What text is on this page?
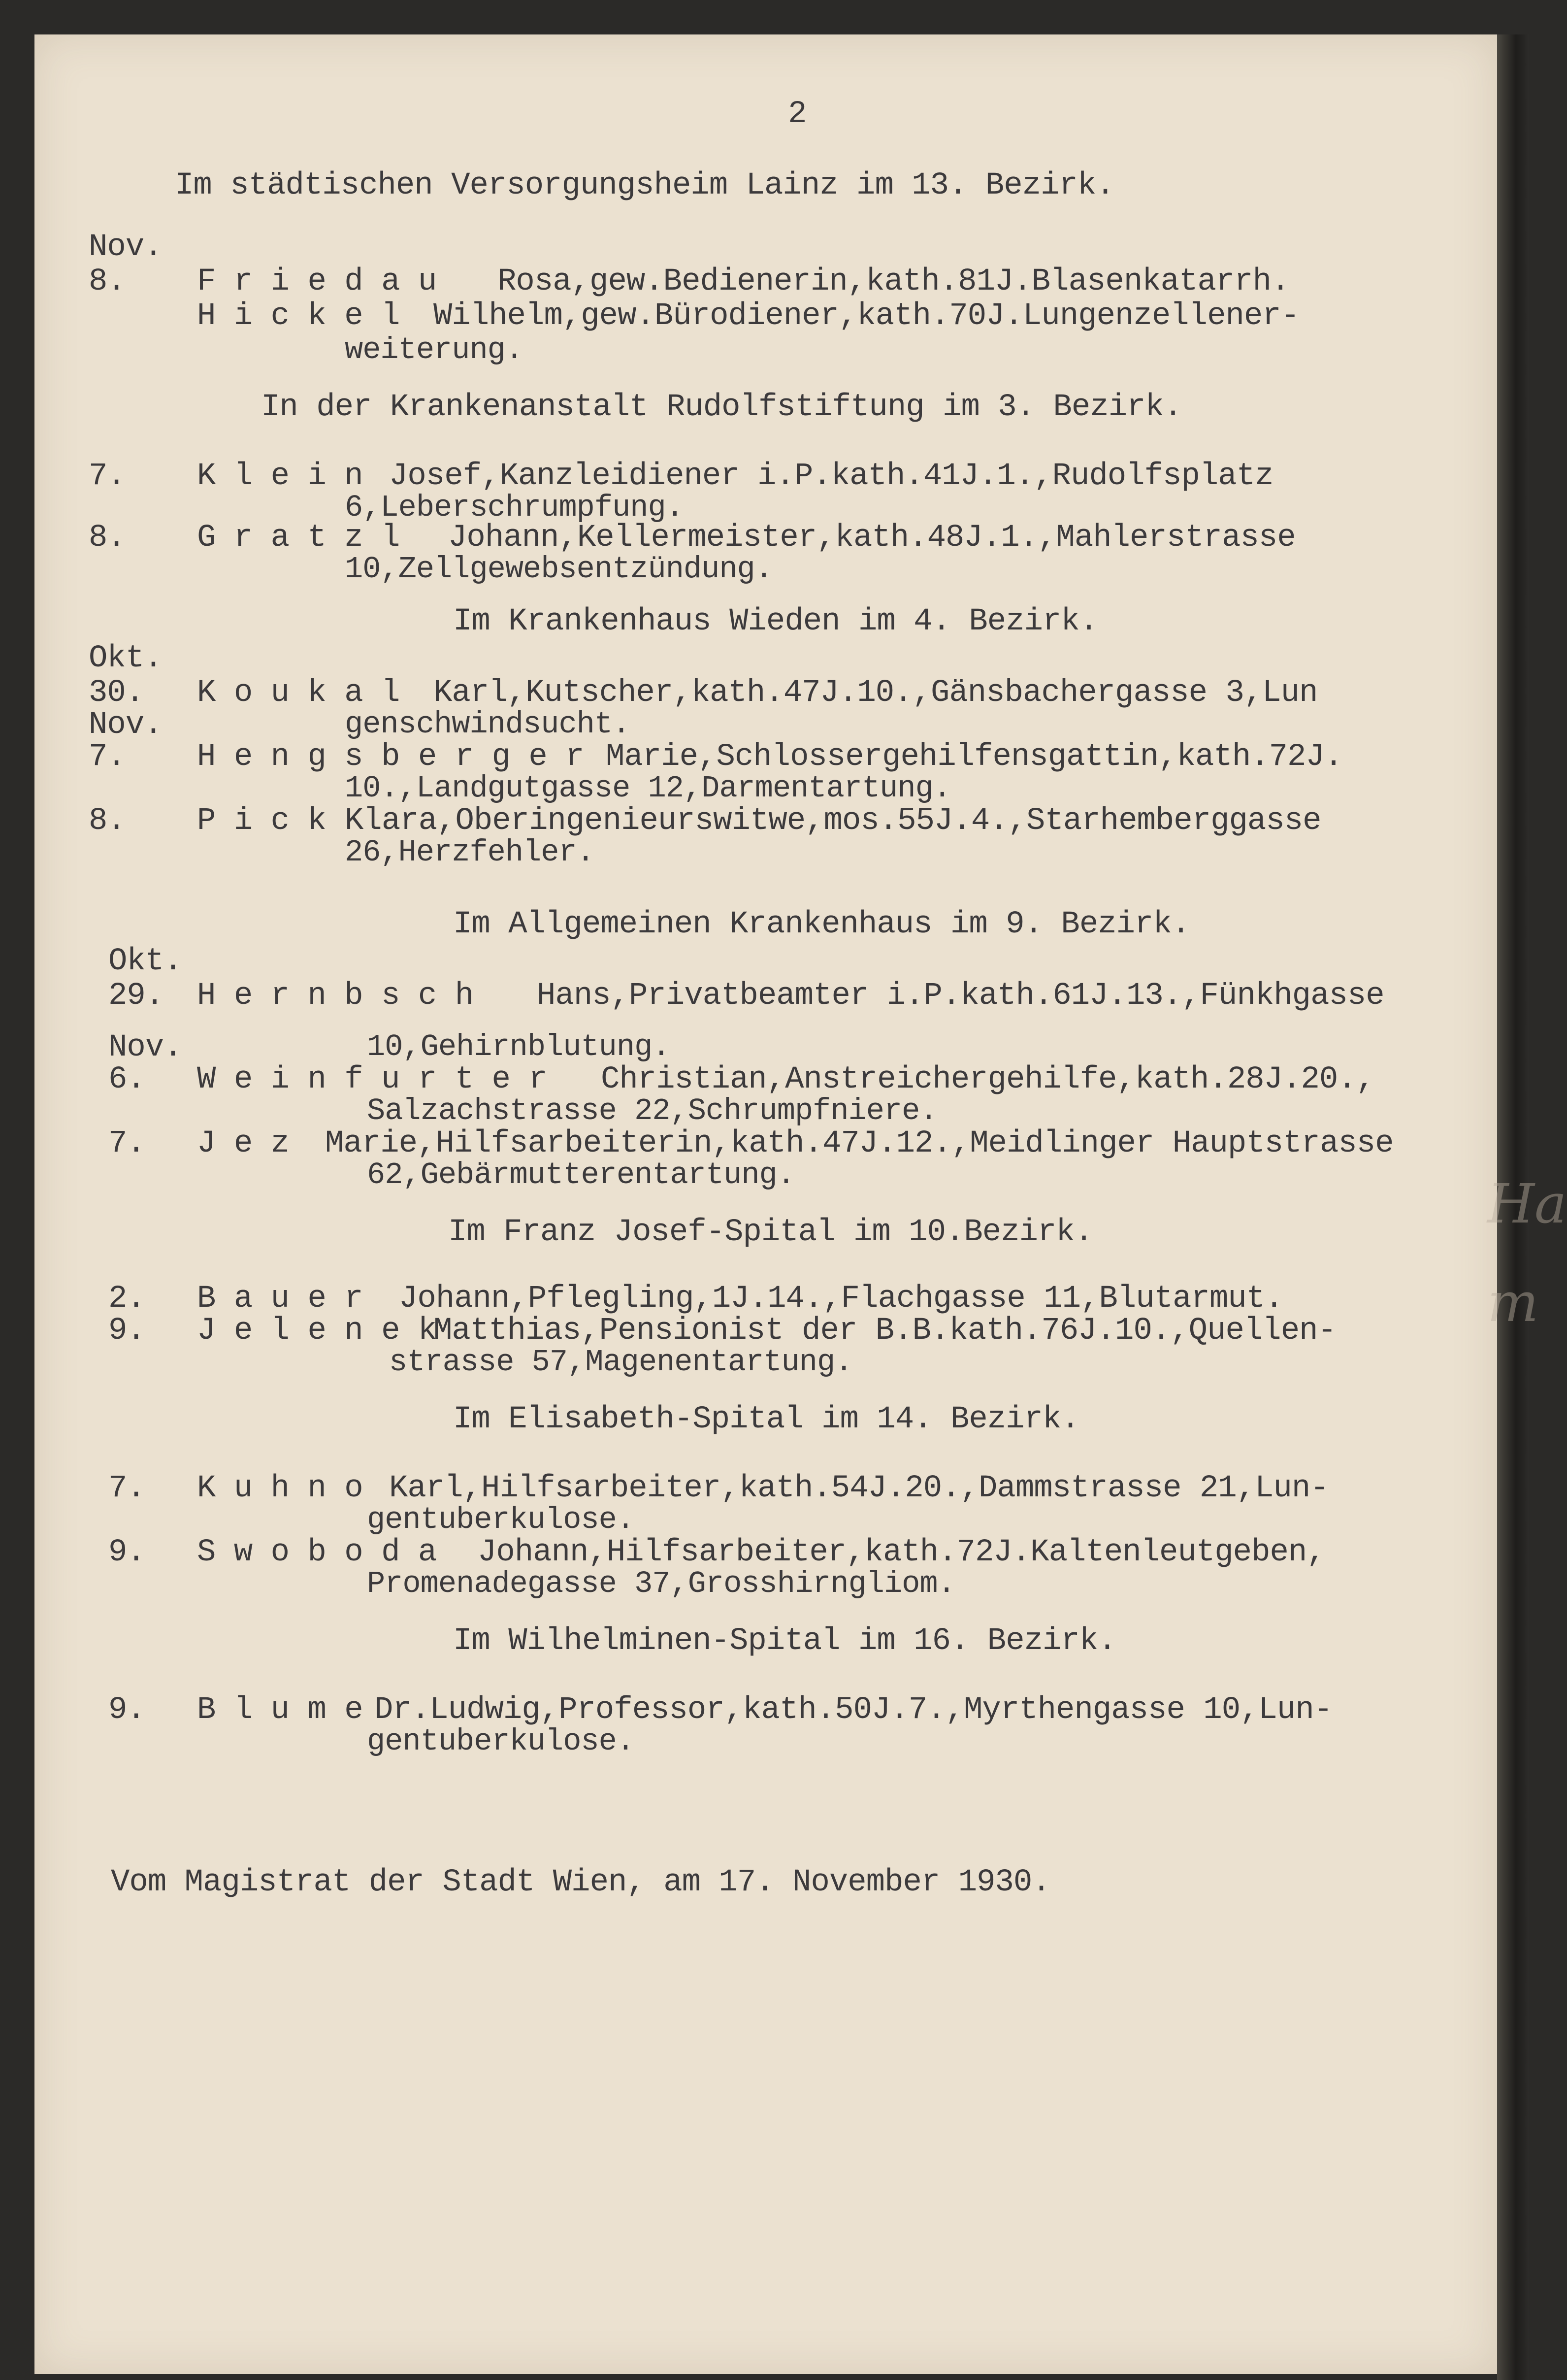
Ha
m
2
Im städtischen Versorgungsheim Lainz im 13. Bezirk.
Nov.
8. F r i e d a u Rosa,gew.Bedienerin,kath.81J.Blasenkatarrh.
H i c k e l Wilhelm,gew.Bürodiener,kath.70J.Lungenzellener-
weiterung.
In der Krankenanstalt Rudolfstiftung im 3. Bezirk.
7. K l e i n Josef,Kanzleidiener i.P.kath.41J.1.,Rudolfsplatz
6,Leberschrumpfung.
8. G r a t z l Johann,Kellermeister,kath.48J.1.,Mahlerstrasse
10,Zellgewebsentzündung.
Im Krankenhaus Wieden im 4. Bezirk.
Okt.
30. K o u k a l Karl,Kutscher,kath.47J.10.,Gänsbachergasse 3,Lun
genschwindsucht.
Nov.
7. H e n g s b e r g e r Marie,Schlossergehilfensgattin,kath.72J.
10.,Landgutgasse 12,Darmentartung.
8. P i c k Klara,Oberingenieurswitwe,mos.55J.4.,Starhemberggasse
26,Herzfehler.
Im Allgemeinen Krankenhaus im 9. Bezirk.
Okt.
29. H e r n b s c h Hans,Privatbeamter i.P.kath.61J.13.,Fünkhgasse
10,Gehirnblutung.
Nov.
6. W e i n f u r t e r Christian,Anstreichergehilfe,kath.28J.20.,
Salzachstrasse 22,Schrumpfniere.
7. J e z Marie,Hilfsarbeiterin,kath.47J.12.,Meidlinger Hauptstrasse
62,Gebärmutterentartung.
Im Franz Josef-Spital im 10.Bezirk.
2. B a u e r Johann,Pflegling,1J.14.,Flachgasse 11,Blutarmut.
9. J e l e n e k
Matthias,Pensionist der B.B.kath.76J.10.,Quellen-
strasse 57,Magenentartung.
Im Elisabeth-Spital im 14. Bezirk.
7. K u h n o Karl,Hilfsarbeiter,kath.54J.20.,Dammstrasse 21,Lun-
gentuberkulose.
9. S w o b o d a Johann,Hilfsarbeiter,kath.72J.Kaltenleutgeben,
Promenadegasse 37,Grosshirngliom.
Im Wilhelminen-Spital im 16. Bezirk.
9. B l u m e Dr.Ludwig,Professor,kath.50J.7.,Myrthengasse 10,Lun-
gentuberkulose.
Vom Magistrat der Stadt Wien, am 17. November 1930.
